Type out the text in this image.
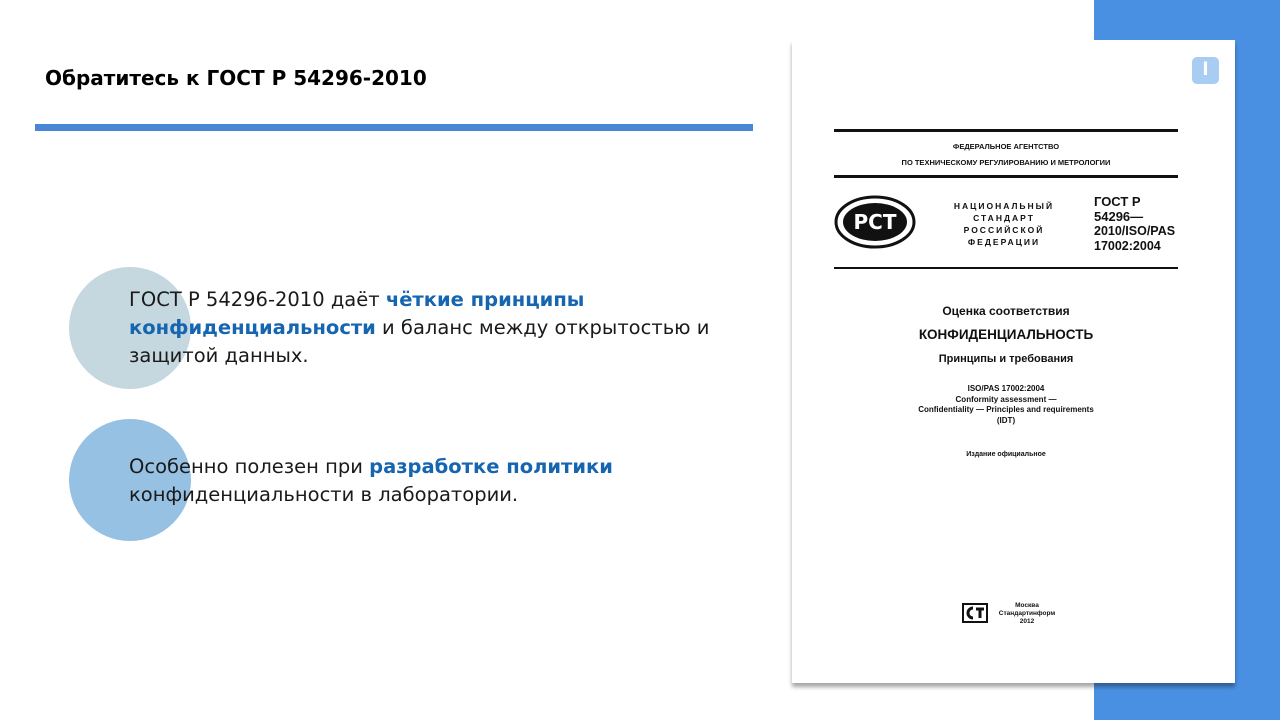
Обратитесь к ГОСТ Р 54296-2010
ГОСТ Р 54296-2010 даёт чёткие принципы конфиденциальности и баланс между открытостью и защитой данных.
Особенно полезен при разработке политики конфиденциальности в лаборатории.
l
ФЕДЕРАЛЬНОЕ АГЕНТСТВО
ПО ТЕХНИЧЕСКОМУ РЕГУЛИРОВАНИЮ И МЕТРОЛОГИИ
РСТ
НАЦИОНАЛЬНЫЙ
СТАНДАРТ
РОССИЙСКОЙ
ФЕДЕРАЦИИ
ГОСТ Р
54296—
2010/ISO/PAS
17002:2004
Оценка соответствия
КОНФИДЕНЦИАЛЬНОСТЬ
Принципы и требования
ISO/PAS 17002:2004
Conformity assessment —
Confidentiality — Principles and requirements
(IDT)
Издание официальное
Москва
Стандартинформ
2012
